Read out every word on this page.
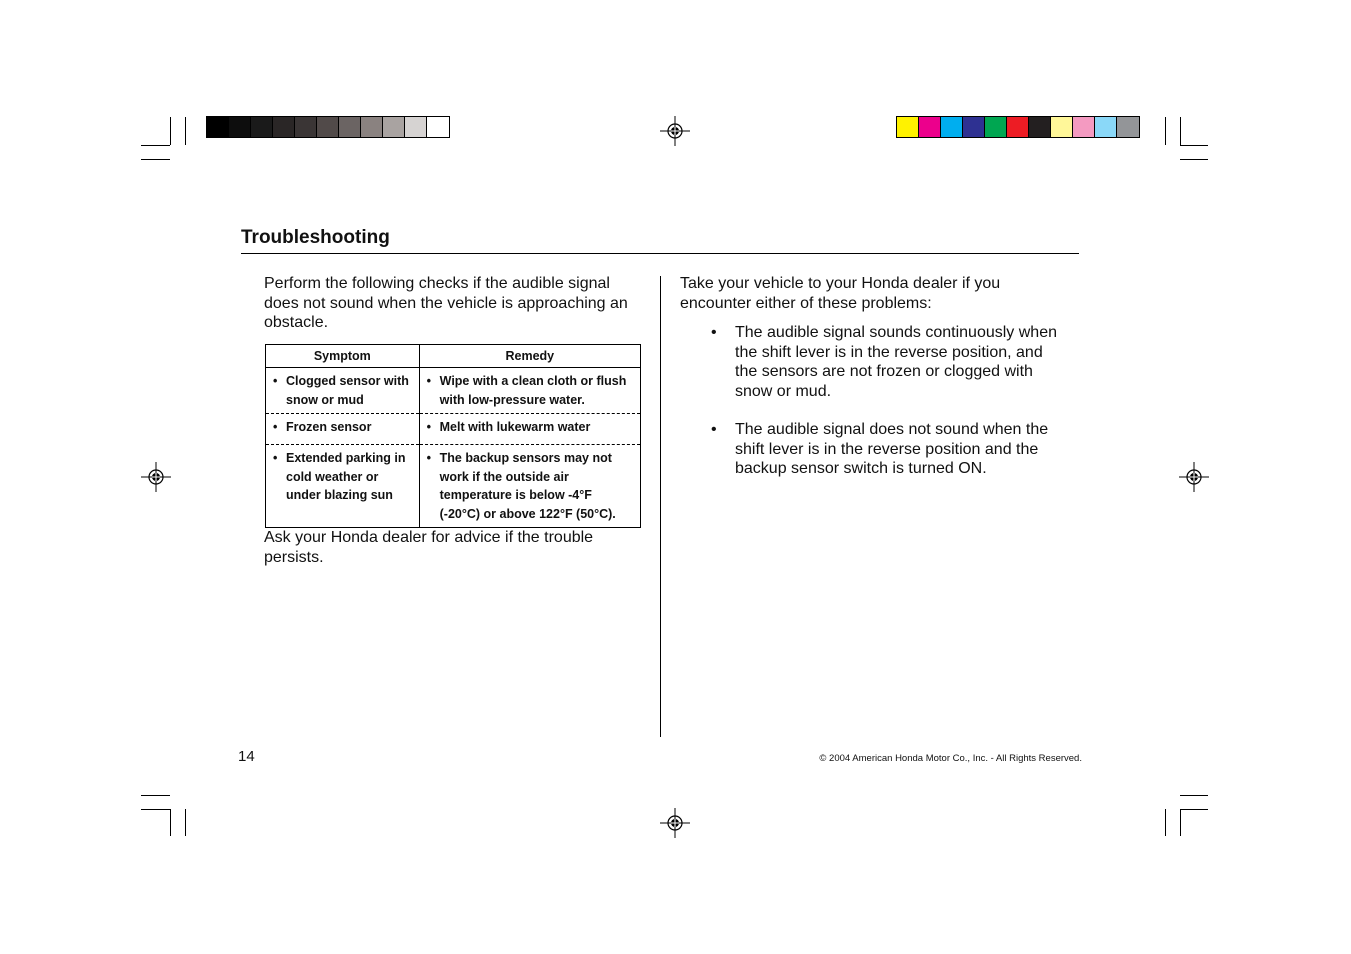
Troubleshooting

Perform the following checks if the audible signal does not sound when the vehicle is approaching an obstacle.

Symptom	Remedy

• Clogged sensor with snow or mud	• Wipe with a clean cloth or flush with low-pressure water.

• Frozen sensor	• Melt with lukewarm water

• Extended parking in cold weather or under blazing sun	• The backup sensors may not work if the outside air temperature is below -4°F (-20°C) or above 122°F (50°C).

Ask your Honda dealer for advice if the trouble persists.

Take your vehicle to your Honda dealer if you encounter either of these problems:

•	The audible signal sounds continuously when the shift lever is in the reverse position, and the sensors are not frozen or clogged with snow or mud.
•	The audible signal does not sound when the shift lever is in the reverse position and the backup sensor switch is turned ON.
14	© 2004 American Honda Motor Co., Inc. - All Rights Reserved.
